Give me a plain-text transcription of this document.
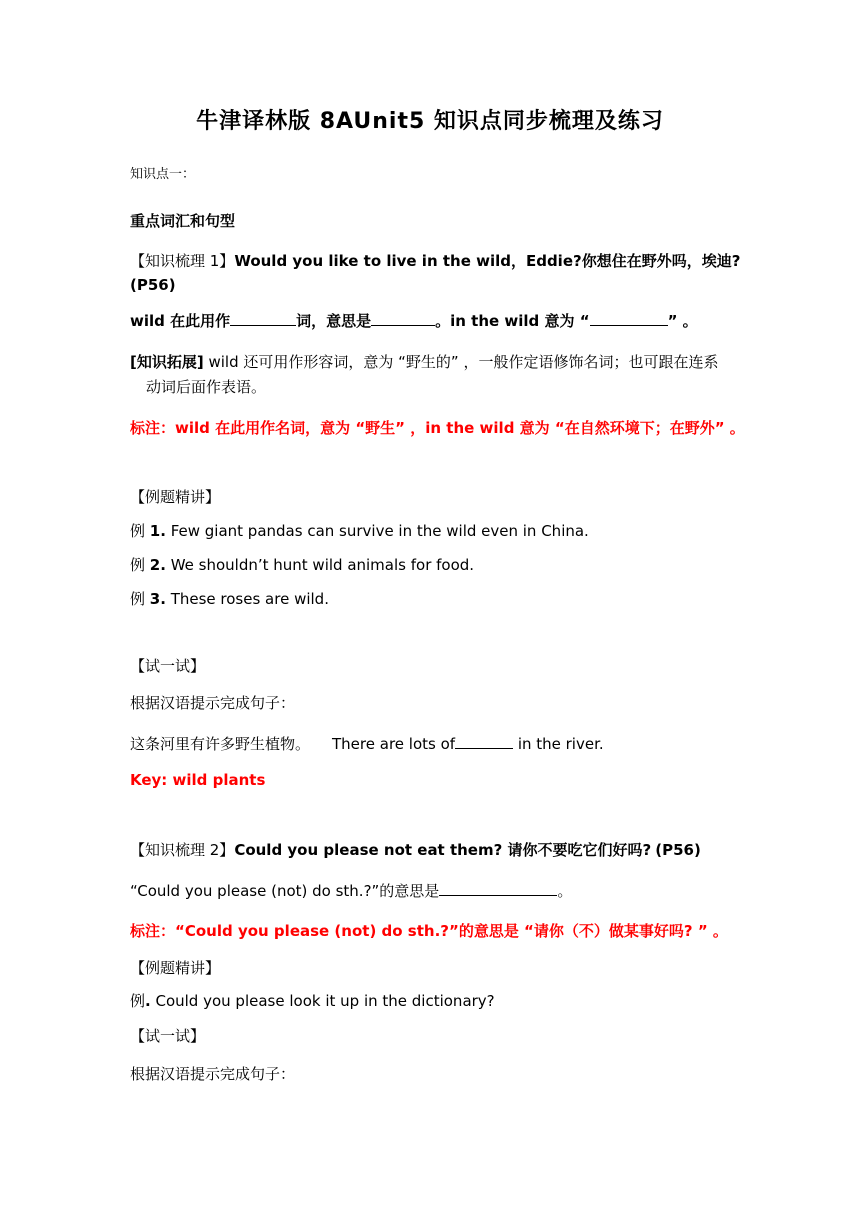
牛津译林版 8AUnit5 知识点同步梳理及练习
知识点一：
重点词汇和句型
【知识梳理 1】Would you like to live in the wild，Eddie?你想住在野外吗，埃迪?
(P56)
wild 在此用作	词，意思是	。in the wild 意为 “	” 。
[知识拓展] wild 还可用作形容词，意为 “野生的” ，一般作定语修饰名词；也可跟在连系
动词后面作表语。
标注：wild 在此用作名词，意为 “野生” ，in the wild 意为 “在自然环境下；在野外” 。
【例题精讲】
例 1. Few giant pandas can survive in the wild even in China.
例 2. We shouldn’t hunt wild animals for food.
例 3. These roses are wild.
【试一试】
根据汉语提示完成句子：
这条河里有许多野生植物。 There are lots of	in the river.
Key: wild plants
【知识梳理 2】Could you please not eat them? 请你不要吃它们好吗? (P56)
“Could you please (not) do sth.?”的意思是	。
标注：“Could you please (not) do sth.?”的意思是 “请你（不）做某事好吗? ” 。
【例题精讲】
例. Could you please look it up in the dictionary?
【试一试】
根据汉语提示完成句子：
